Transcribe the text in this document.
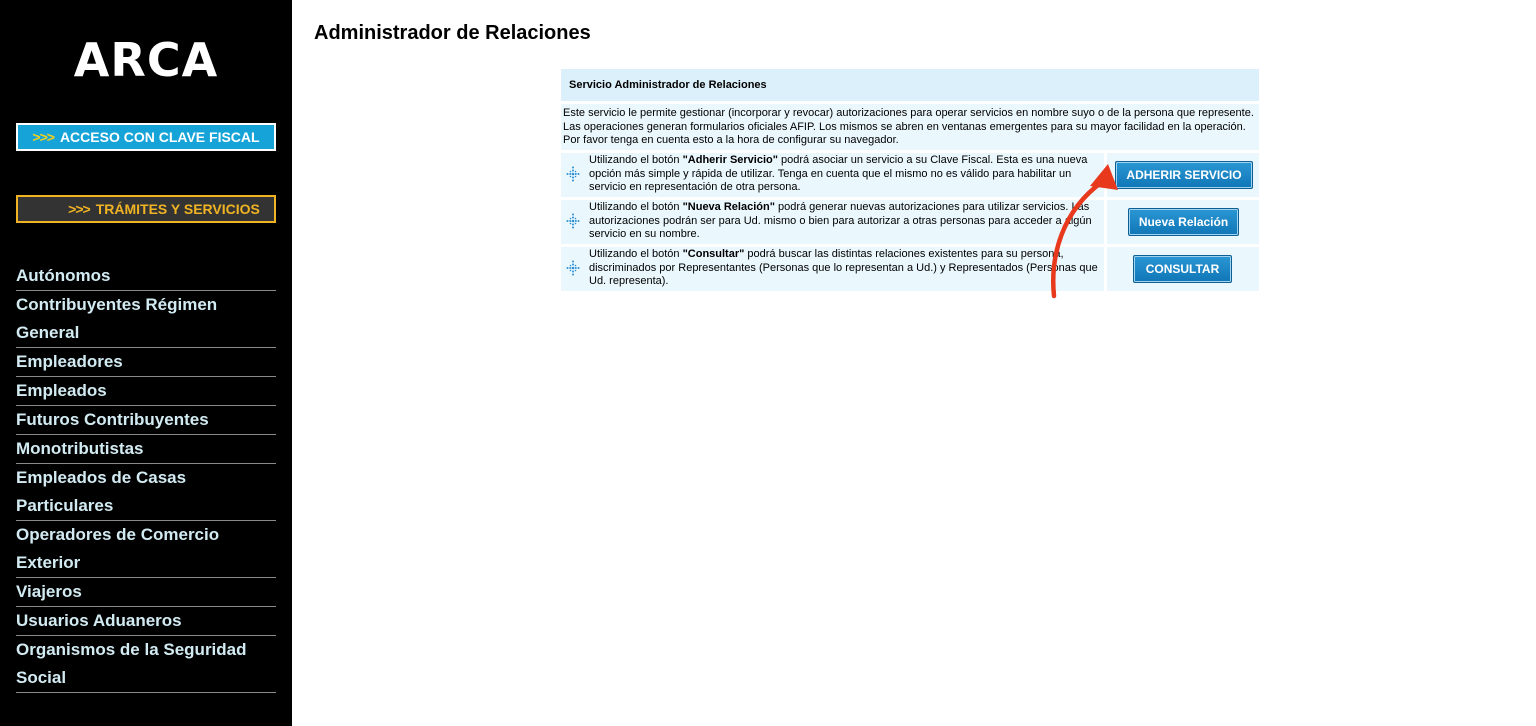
ARCA
>>> ACCESO CON CLAVE FISCAL
>>> TRÁMITES Y SERVICIOS
Autónomos
Contribuyentes Régimen General
Empleadores
Empleados
Futuros Contribuyentes
Monotributistas
Empleados de Casas Particulares
Operadores de Comercio Exterior
Viajeros
Usuarios Aduaneros
Organismos de la Seguridad Social
Administrador de Relaciones
Servicio Administrador de Relaciones
Este servicio le permite gestionar (incorporar y revocar) autorizaciones para operar servicios en nombre suyo o de la persona que represente. Las operaciones generan formularios oficiales AFIP. Los mismos se abren en ventanas emergentes para su mayor facilidad en la operación. Por favor tenga en cuenta esto a la hora de configurar su navegador.
Utilizando el botón "Adherir Servicio" podrá asociar un servicio a su Clave Fiscal. Esta es una nueva opción más simple y rápida de utilizar. Tenga en cuenta que el mismo no es válido para habilitar un servicio en representación de otra persona.
ADHERIR SERVICIO
Utilizando el botón "Nueva Relación" podrá generar nuevas autorizaciones para utilizar servicios. Las autorizaciones podrán ser para Ud. mismo o bien para autorizar a otras personas para acceder a algún servicio en su nombre.
Nueva Relación
Utilizando el botón "Consultar" podrá buscar las distintas relaciones existentes para su persona, discriminados por Representantes (Personas que lo representan a Ud.) y Representados (Personas que Ud. representa).
CONSULTAR
